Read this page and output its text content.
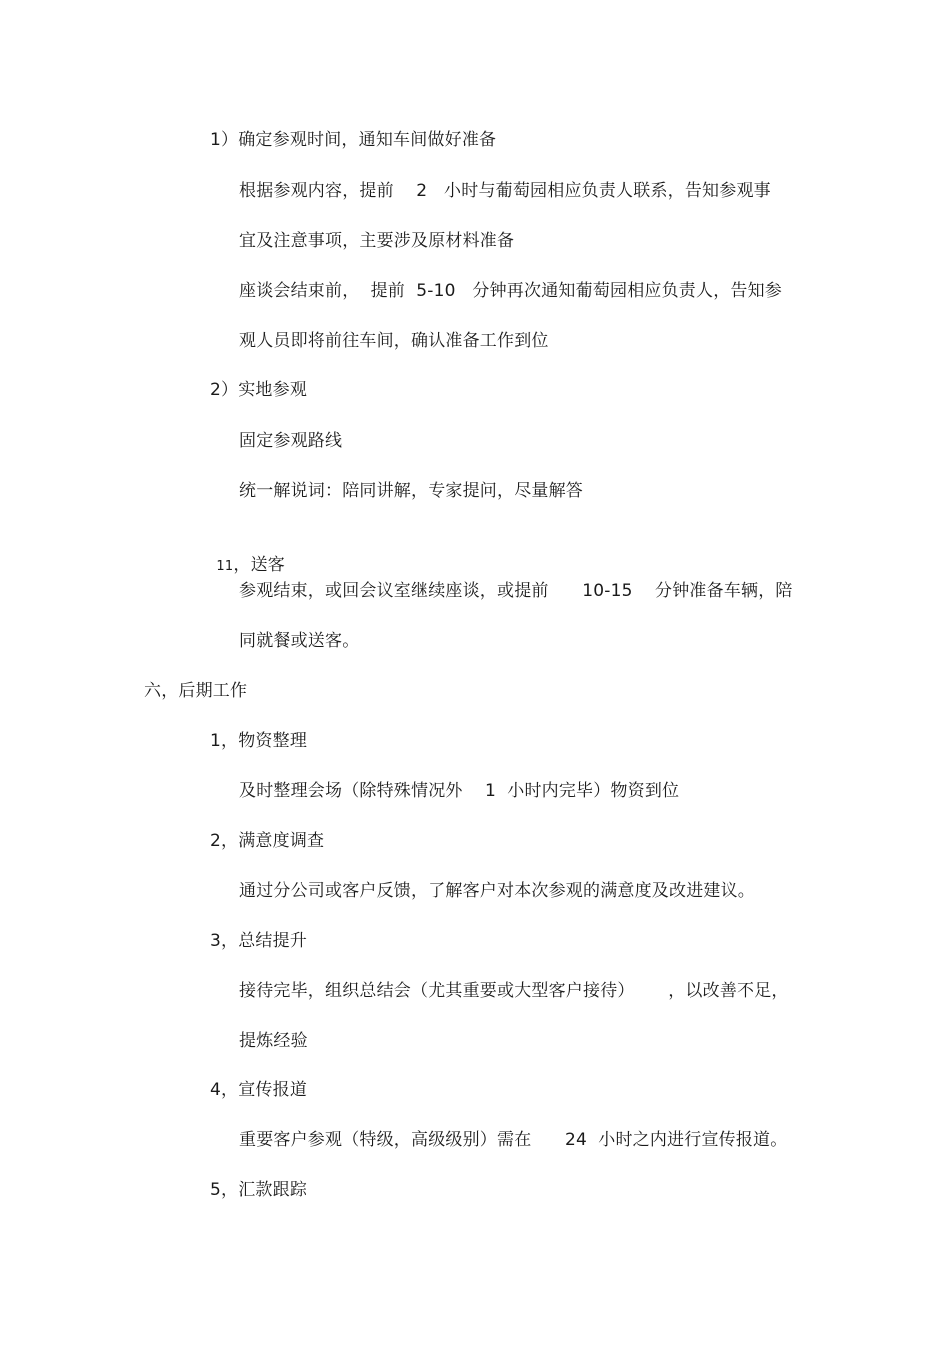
1）确定参观时间，通知车间做好准备
根据参观内容，提前    2   小时与葡萄园相应负责人联系，告知参观事
宜及注意事项，主要涉及原材料准备
座谈会结束前，  提前  5-10   分钟再次通知葡萄园相应负责人，告知参
观人员即将前往车间，确认准备工作到位
2）实地参观
固定参观路线
统一解说词：陪同讲解，专家提问，尽量解答

11，送客

参观结束，或回会议室继续座谈，或提前      10-15    分钟准备车辆，陪
同就餐或送客。
六，后期工作
1，物资整理
及时整理会场（除特殊情况外    1  小时内完毕）物资到位
2，满意度调查
通过分公司或客户反馈，了解客户对本次参观的满意度及改进建议。
3，总结提升
接待完毕，组织总结会（尤其重要或大型客户接待）      ，以改善不足，
提炼经验
4，宣传报道
重要客户参观（特级，高级级别）需在      24  小时之内进行宣传报道。
5，汇款跟踪
